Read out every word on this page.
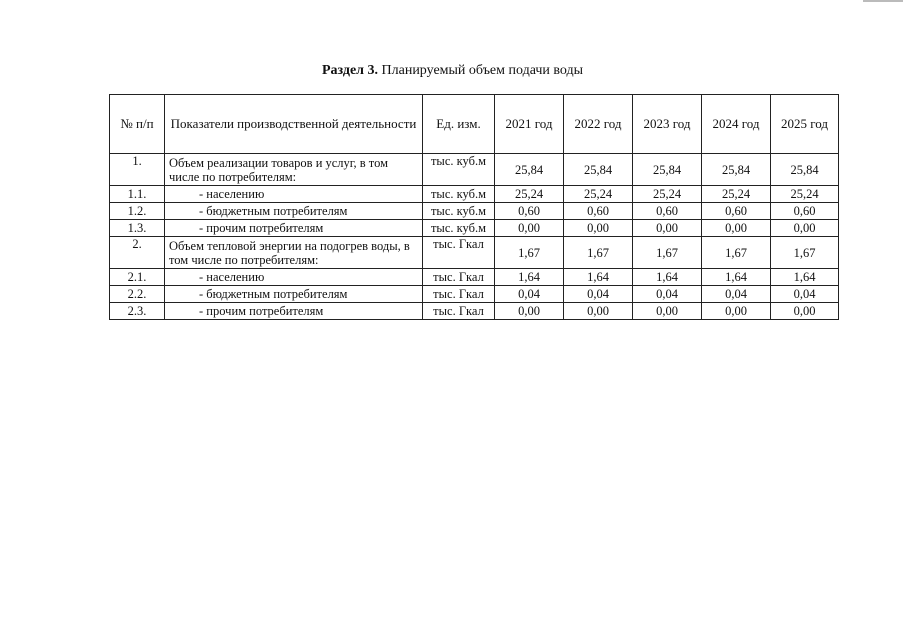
Раздел 3. Планируемый объем подачи воды
№ п/п	Показатели производственной деятельности	Ед. изм.	2021 год	2022 год	2023 год	2024 год	2025 год
1.	Объем реализации товаров и услуг, в том числе по потребителям:	тыс. куб.м	25,84	25,84	25,84	25,84	25,84
1.1.	- населению	тыс. куб.м	25,24	25,24	25,24	25,24	25,24
1.2.	- бюджетным потребителям	тыс. куб.м	0,60	0,60	0,60	0,60	0,60
1.3.	- прочим потребителям	тыс. куб.м	0,00	0,00	0,00	0,00	0,00
2.	Объем тепловой энергии на подогрев воды, в том числе по потребителям:	тыс. Гкал	1,67	1,67	1,67	1,67	1,67
2.1.	- населению	тыс. Гкал	1,64	1,64	1,64	1,64	1,64
2.2.	- бюджетным потребителям	тыс. Гкал	0,04	0,04	0,04	0,04	0,04
2.3.	- прочим потребителям	тыс. Гкал	0,00	0,00	0,00	0,00	0,00
